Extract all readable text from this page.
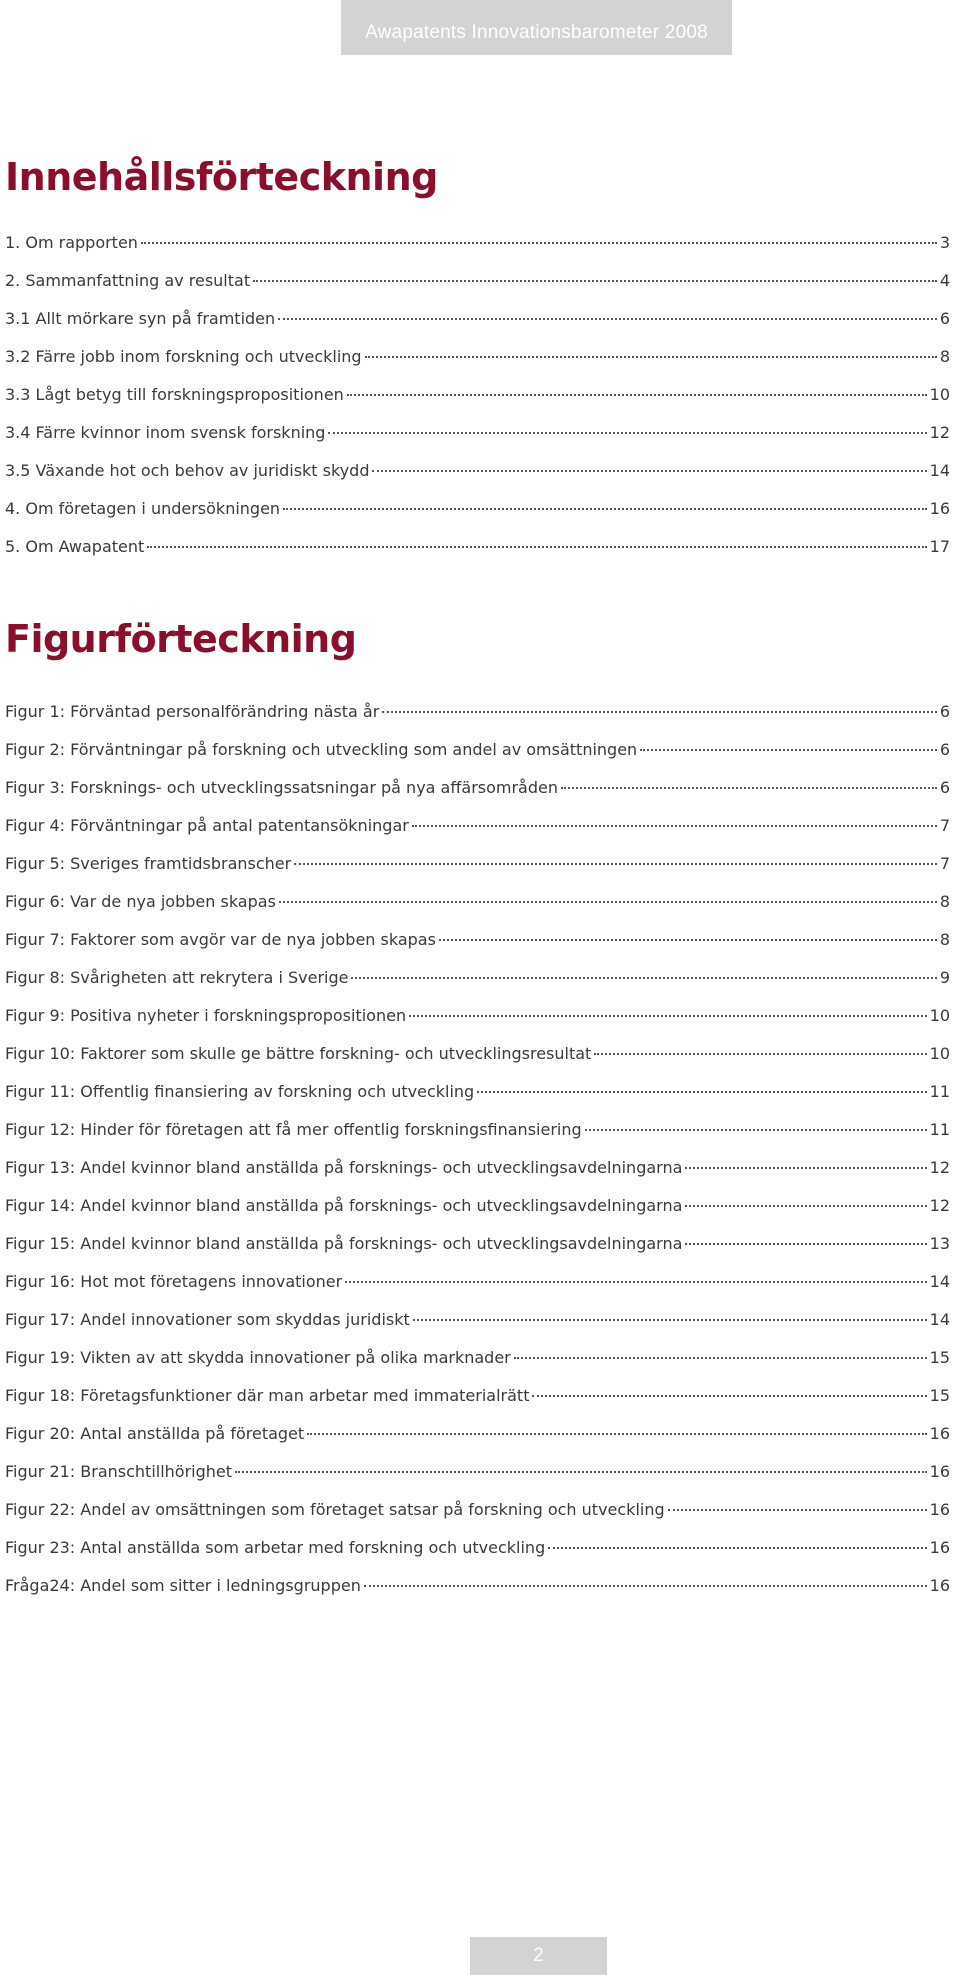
Awapatents Innovationsbarometer 2008
Innehållsförteckning
1. Om rapporten	3
2. Sammanfattning av resultat	4
3.1 Allt mörkare syn på framtiden	6
3.2 Färre jobb inom forskning och utveckling	8
3.3 Lågt betyg till forskningspropositionen	10
3.4 Färre kvinnor inom svensk forskning	12
3.5 Växande hot och behov av juridiskt skydd	14
4. Om företagen i undersökningen	16
5. Om Awapatent	17
Figurförteckning
Figur 1: Förväntad personalförändring nästa år	6
Figur 2: Förväntningar på forskning och utveckling som andel av omsättningen	6
Figur 3: Forsknings- och utvecklingssatsningar på nya affärsområden	6
Figur 4: Förväntningar på antal patentansökningar	7
Figur 5: Sveriges framtidsbranscher	7
Figur 6: Var de nya jobben skapas	8
Figur 7: Faktorer som avgör var de nya jobben skapas	8
Figur 8: Svårigheten att rekrytera i Sverige	9
Figur 9: Positiva nyheter i forskningspropositionen	10
Figur 10: Faktorer som skulle ge bättre forskning- och utvecklingsresultat	10
Figur 11: Offentlig finansiering av forskning och utveckling	11
Figur 12: Hinder för företagen att få mer offentlig forskningsfinansiering	11
Figur 13: Andel kvinnor bland anställda på forsknings- och utvecklingsavdelningarna	12
Figur 14: Andel kvinnor bland anställda på forsknings- och utvecklingsavdelningarna	12
Figur 15: Andel kvinnor bland anställda på forsknings- och utvecklingsavdelningarna	13
Figur 16: Hot mot företagens innovationer	14
Figur 17: Andel innovationer som skyddas juridiskt	14
Figur 19: Vikten av att skydda innovationer på olika marknader	15
Figur 18: Företagsfunktioner där man arbetar med immaterialrätt	15
Figur 20: Antal anställda på företaget	16
Figur 21: Branschtillhörighet	16
Figur 22: Andel av omsättningen som företaget satsar på forskning och utveckling	16
Figur 23: Antal anställda som arbetar med forskning och utveckling	16
Fråga24: Andel som sitter i ledningsgruppen	16
2
